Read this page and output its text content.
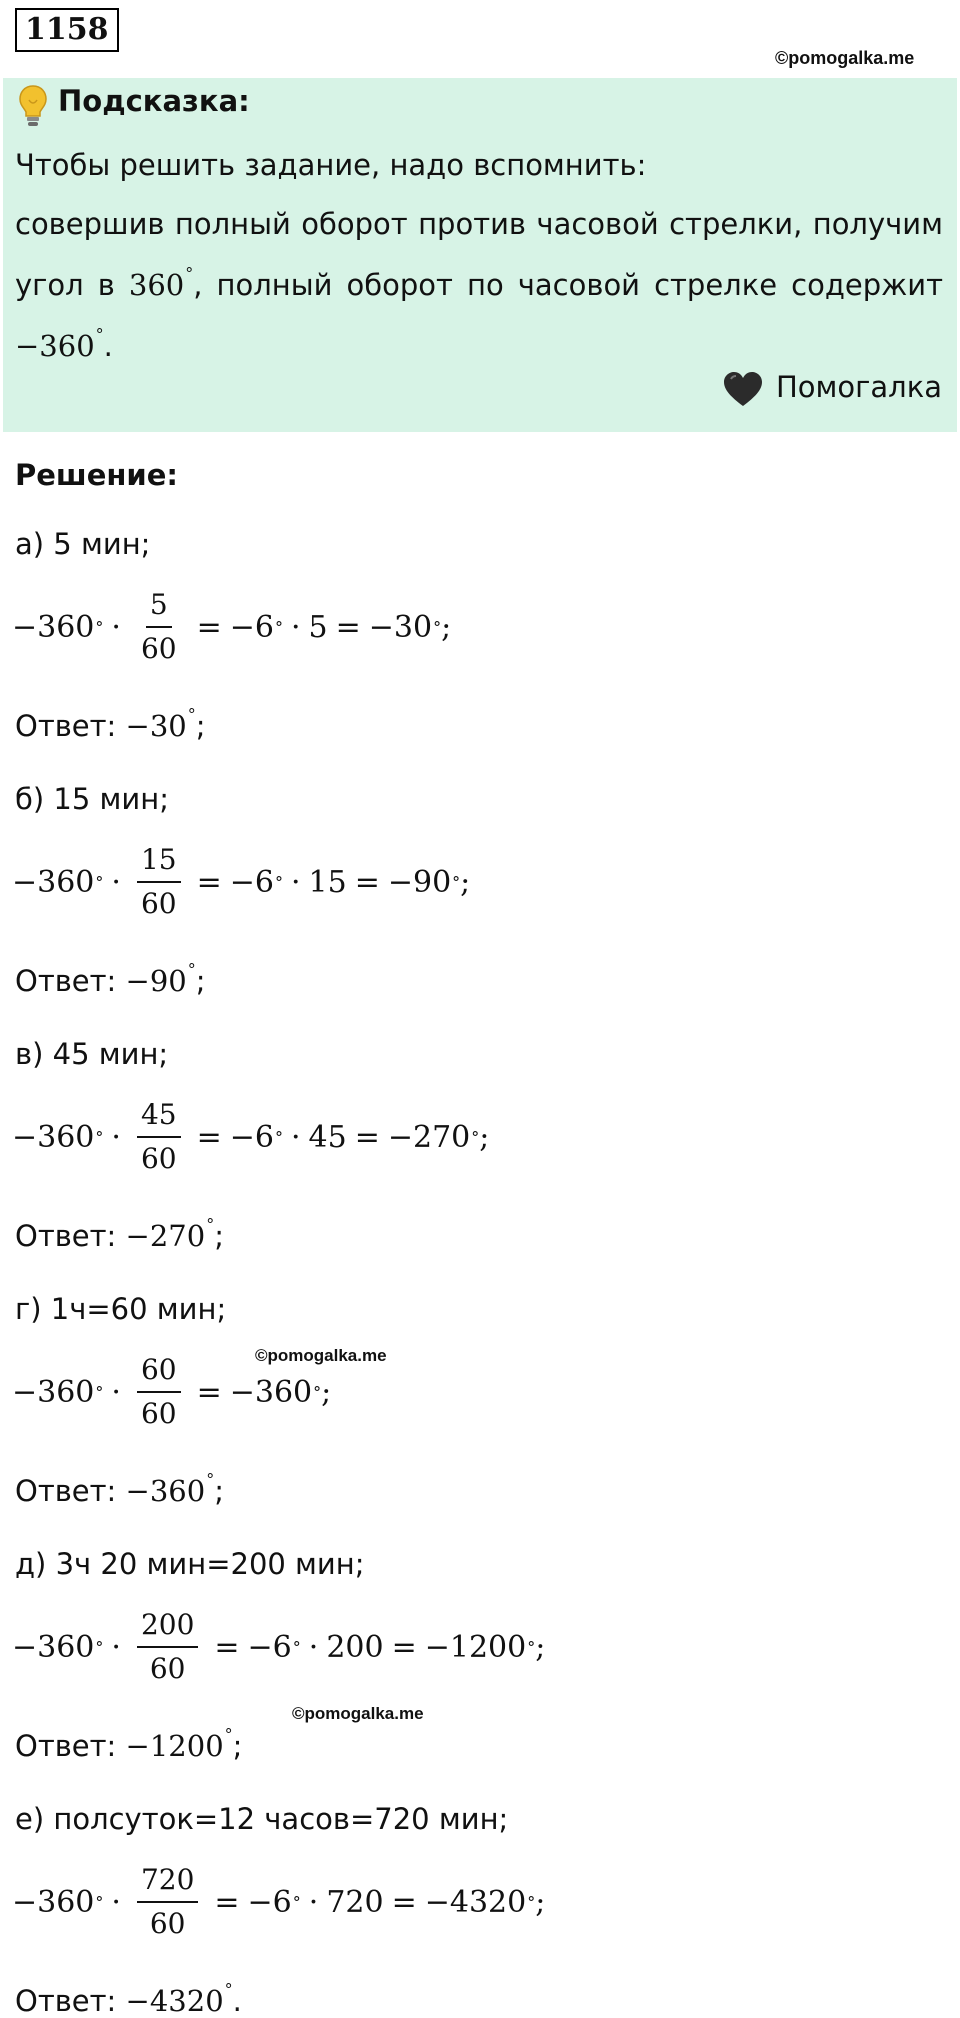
1158
©pomogalka.me
Подсказка:
Чтобы решить задание, надо вспомнить:
совершив полный оборот против часовой стрелки, получим угол в 360°, полный оборот по часовой стрелке содержит −360°.
Помогалка
Решение:
а) 5 мин;
−360 ° · $\frac{5}{60} = -6$ ° · 5 = −30 ° ;
Ответ: −30°;
б) 15 мин;
−360 ° · $\frac{15}{60} = -6$ ° · 15 = −90 ° ;
Ответ: −90°;
в) 45 мин;
−360 ° · $\frac{45}{60} = -6$ ° · 45 = −270 ° ;
Ответ: −270°;
г) 1ч=60 мин;
−360 ° · $\frac{60}{60} = -360$ ° ;
Ответ: −360°;
д) 3ч 20 мин=200 мин;
−360 ° · $\frac{200}{60} = -6$ ° · 200 = −1200 ° ;
Ответ: −1200°;
е) полсуток=12 часов=720 мин;
−360 ° · $\frac{720}{60} = -6$ ° · 720 = −4320 ° ;
Ответ: −4320°.
©pomogalka.me
©pomogalka.me
